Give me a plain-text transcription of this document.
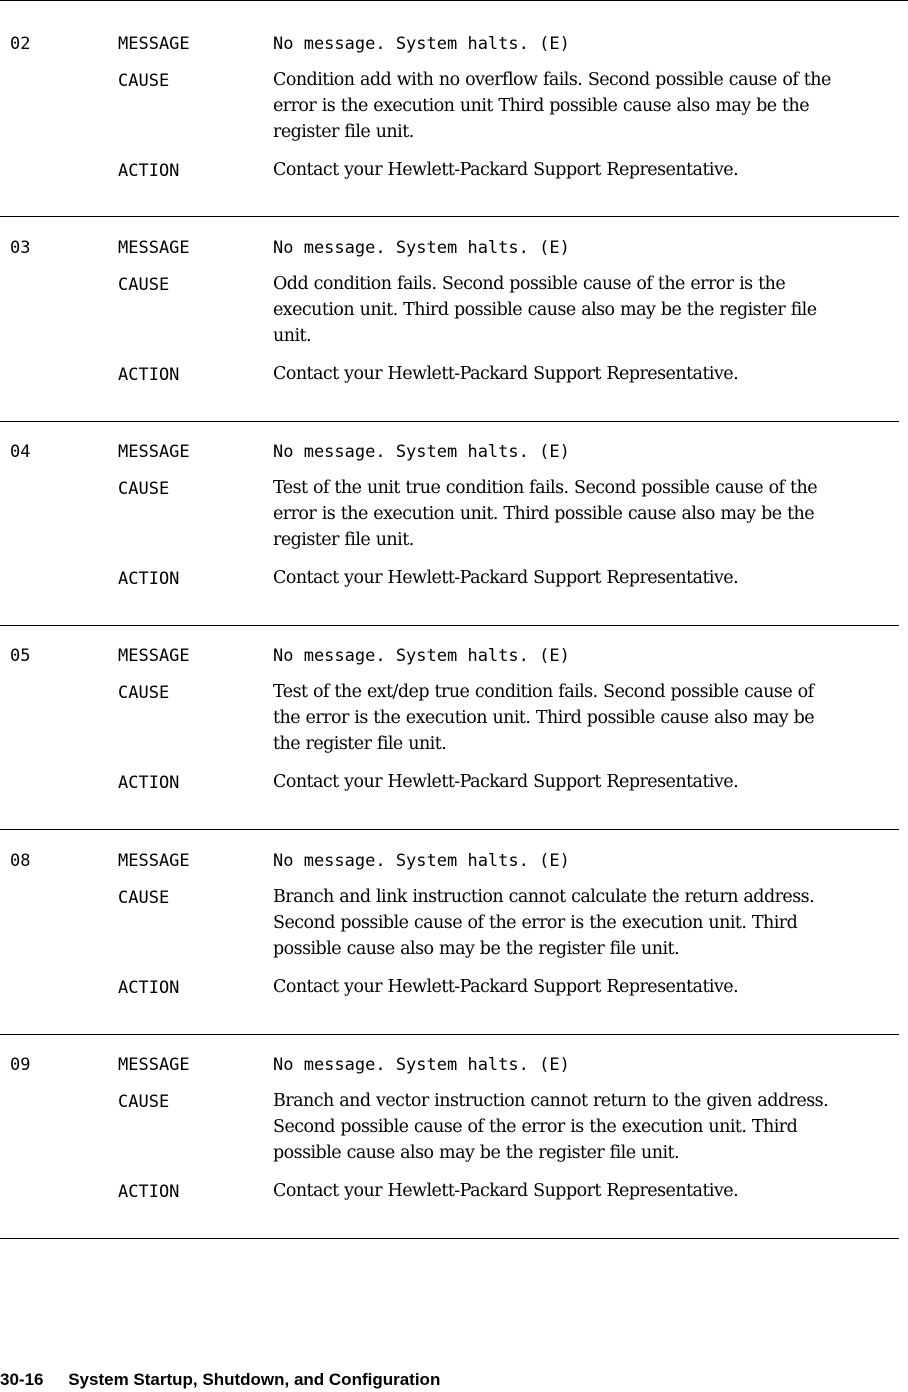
02	MESSAGE	No message. System halts. (E)
CAUSE	Condition add with no overflow fails. Second possible cause of the
error is the execution unit Third possible cause also may be the
register file unit.
ACTION	Contact your Hewlett-Packard Support Representative.
03	MESSAGE	No message. System halts. (E)
CAUSE	Odd condition fails. Second possible cause of the error is the
execution unit. Third possible cause also may be the register file
unit.
ACTION	Contact your Hewlett-Packard Support Representative.
04	MESSAGE	No message. System halts. (E)
CAUSE	Test of the unit true condition fails. Second possible cause of the
error is the execution unit. Third possible cause also may be the
register file unit.
ACTION	Contact your Hewlett-Packard Support Representative.
05	MESSAGE	No message. System halts. (E)
CAUSE	Test of the ext/dep true condition fails. Second possible cause of
the error is the execution unit. Third possible cause also may be
the register file unit.
ACTION	Contact your Hewlett-Packard Support Representative.
08	MESSAGE	No message. System halts. (E)
CAUSE	Branch and link instruction cannot calculate the return address.
Second possible cause of the error is the execution unit. Third
possible cause also may be the register file unit.
ACTION	Contact your Hewlett-Packard Support Representative.
09	MESSAGE	No message. System halts. (E)
CAUSE	Branch and vector instruction cannot return to the given address.
Second possible cause of the error is the execution unit. Third
possible cause also may be the register file unit.
ACTION	Contact your Hewlett-Packard Support Representative.
30-16 System Startup, Shutdown, and Configuration
